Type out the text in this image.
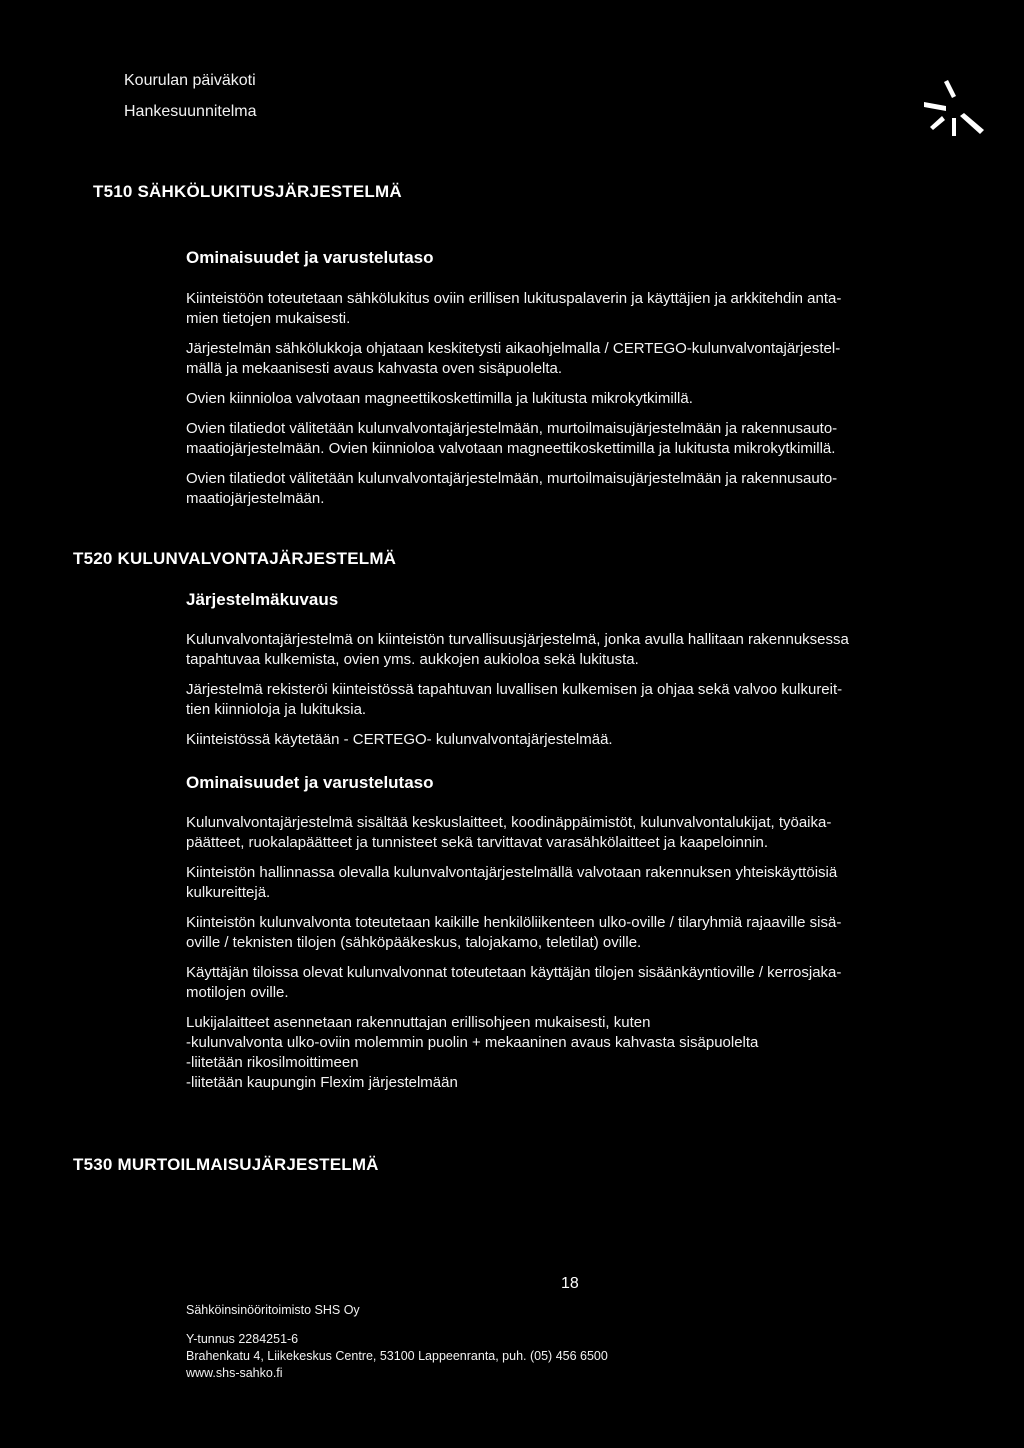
Kourulan päiväkoti
Hankesuunnitelma
T510 SÄHKÖLUKITUSJÄRJESTELMÄ
Ominaisuudet ja varustelutaso

Kiinteistöön toteutetaan sähkölukitus oviin erillisen lukituspalaverin ja käyttäjien ja arkkitehdin anta-
mien tietojen mukaisesti.

Järjestelmän sähkölukkoja ohjataan keskitetysti aikaohjelmalla / CERTEGO-kulunvalvontajärjestel-
mällä ja mekaanisesti avaus kahvasta oven sisäpuolelta.

Ovien kiinnioloa valvotaan magneettikoskettimilla ja lukitusta mikrokytkimillä.

Ovien tilatiedot välitetään kulunvalvontajärjestelmään, murtoilmaisujärjestelmään ja rakennusauto-
maatiojärjestelmään. Ovien kiinnioloa valvotaan magneettikoskettimilla ja lukitusta mikrokytkimillä.

Ovien tilatiedot välitetään kulunvalvontajärjestelmään, murtoilmaisujärjestelmään ja rakennusauto-
maatiojärjestelmään.

T520 KULUNVALVONTAJÄRJESTELMÄ
Järjestelmäkuvaus

Kulunvalvontajärjestelmä on kiinteistön turvallisuusjärjestelmä, jonka avulla hallitaan rakennuksessa
tapahtuvaa kulkemista, ovien yms. aukkojen aukioloa sekä lukitusta.

Järjestelmä rekisteröi kiinteistössä tapahtuvan luvallisen kulkemisen ja ohjaa sekä valvoo kulkureit-
tien kiinnioloja ja lukituksia.

Kiinteistössä käytetään - CERTEGO- kulunvalvontajärjestelmää.

Ominaisuudet ja varustelutaso

Kulunvalvontajärjestelmä sisältää keskuslaitteet, koodinäppäimistöt, kulunvalvontalukijat, työaika-
päätteet, ruokalapäätteet ja tunnisteet sekä tarvittavat varasähkölaitteet ja kaapeloinnin.

Kiinteistön hallinnassa olevalla kulunvalvontajärjestelmällä valvotaan rakennuksen yhteiskäyttöisiä
kulkureittejä.

Kiinteistön kulunvalvonta toteutetaan kaikille henkilöliikenteen ulko-oville / tilaryhmiä rajaaville sisä-
oville / teknisten tilojen (sähköpääkeskus, talojakamo, teletilat) oville.

Käyttäjän tiloissa olevat kulunvalvonnat toteutetaan käyttäjän tilojen sisäänkäyntioville / kerrosjaka-
motilojen oville.

Lukijalaitteet asennetaan rakennuttajan erillisohjeen mukaisesti, kuten
-kulunvalvonta ulko-oviin molemmin puolin + mekaaninen avaus kahvasta sisäpuolelta
-liitetään rikosilmoittimeen
-liitetään kaupungin Flexim järjestelmään

T530 MURTOILMAISUJÄRJESTELMÄ
18
Sähköinsinööritoimisto SHS Oy
Y-tunnus 2284251-6
Brahenkatu 4, Liikekeskus Centre, 53100 Lappeenranta, puh. (05) 456 6500
www.shs-sahko.fi
